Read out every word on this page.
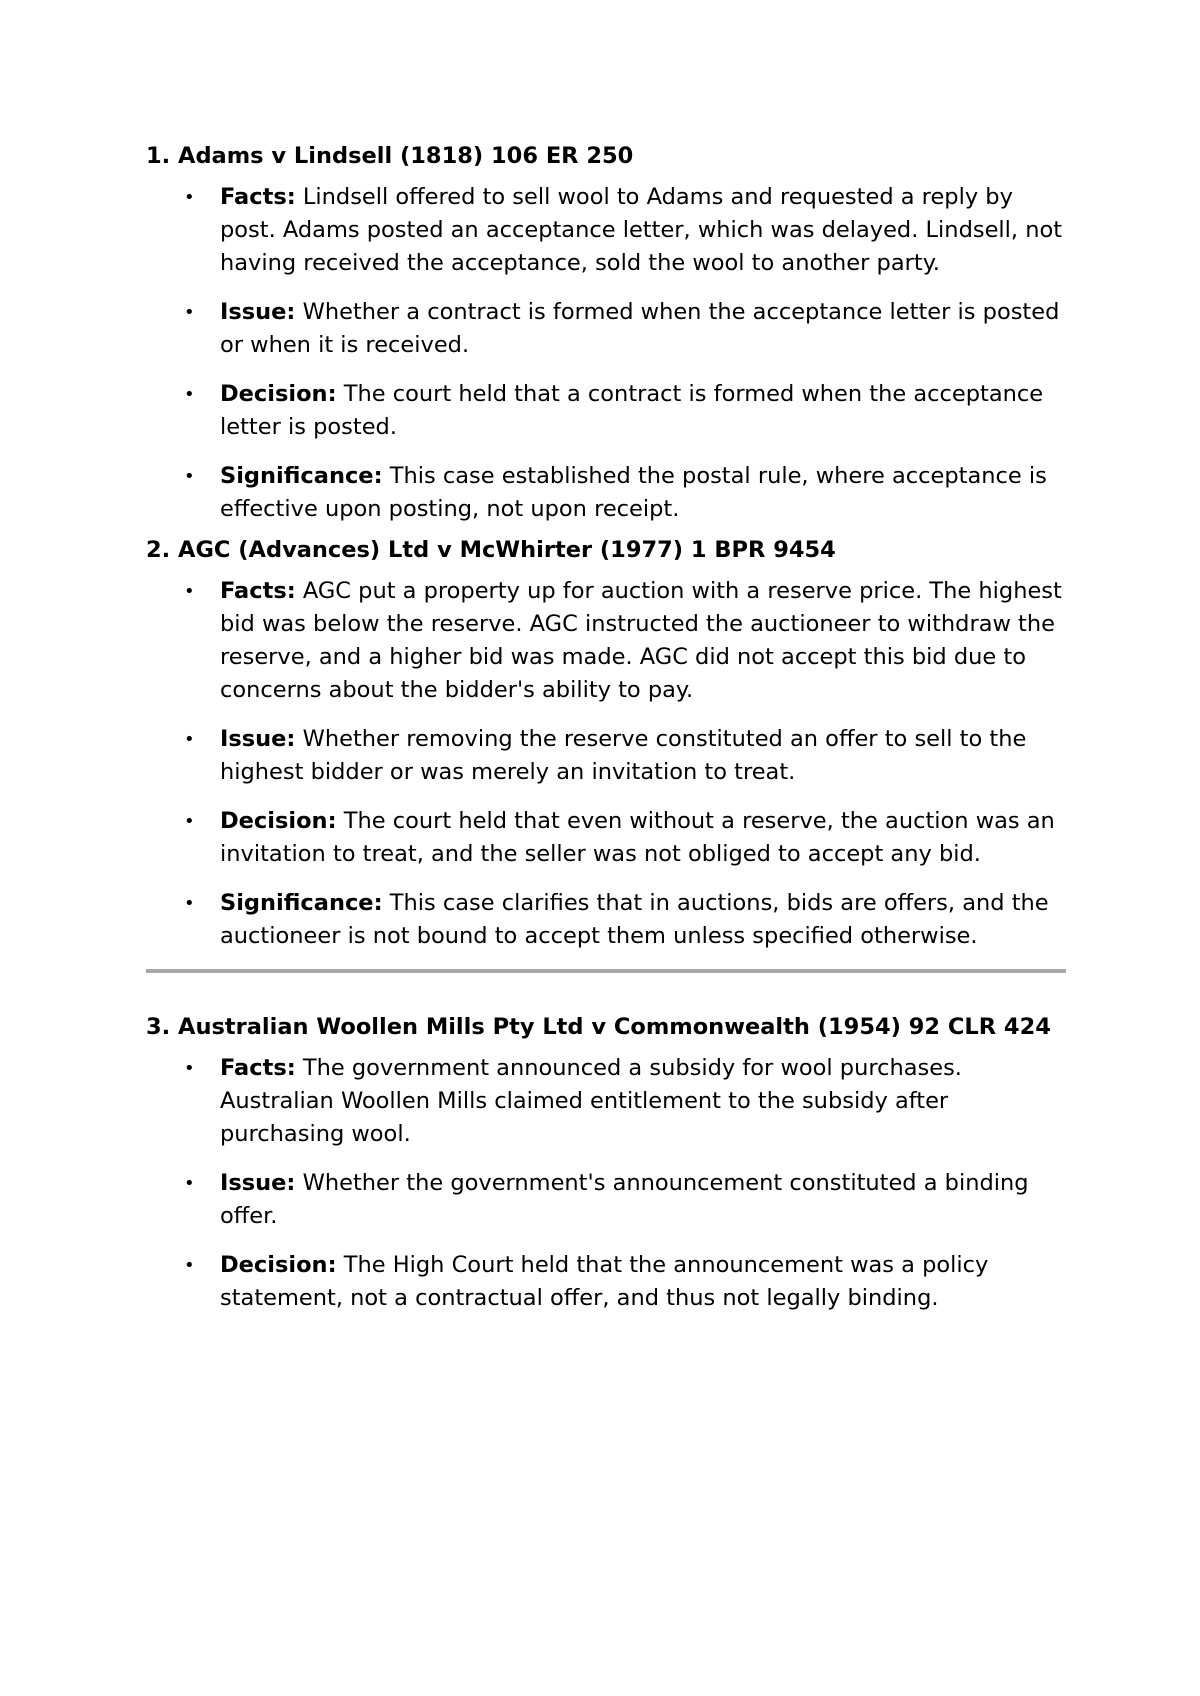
1. Adams v Lindsell (1818) 106 ER 250
• Facts: Lindsell offered to sell wool to Adams and requested a reply by post. Adams posted an acceptance letter, which was delayed. Lindsell, not having received the acceptance, sold the wool to another party.
• Issue: Whether a contract is formed when the acceptance letter is posted or when it is received.
• Decision: The court held that a contract is formed when the acceptance letter is posted.
• Significance: This case established the postal rule, where acceptance is effective upon posting, not upon receipt.
2. AGC (Advances) Ltd v McWhirter (1977) 1 BPR 9454
• Facts: AGC put a property up for auction with a reserve price. The highest bid was below the reserve. AGC instructed the auctioneer to withdraw the reserve, and a higher bid was made. AGC did not accept this bid due to concerns about the bidder's ability to pay.
• Issue: Whether removing the reserve constituted an offer to sell to the highest bidder or was merely an invitation to treat.
• Decision: The court held that even without a reserve, the auction was an invitation to treat, and the seller was not obliged to accept any bid.
• Significance: This case clarifies that in auctions, bids are offers, and the auctioneer is not bound to accept them unless specified otherwise.
3. Australian Woollen Mills Pty Ltd v Commonwealth (1954) 92 CLR 424
• Facts: The government announced a subsidy for wool purchases. Australian Woollen Mills claimed entitlement to the subsidy after purchasing wool.
• Issue: Whether the government's announcement constituted a binding offer.
• Decision: The High Court held that the announcement was a policy statement, not a contractual offer, and thus not legally binding.
